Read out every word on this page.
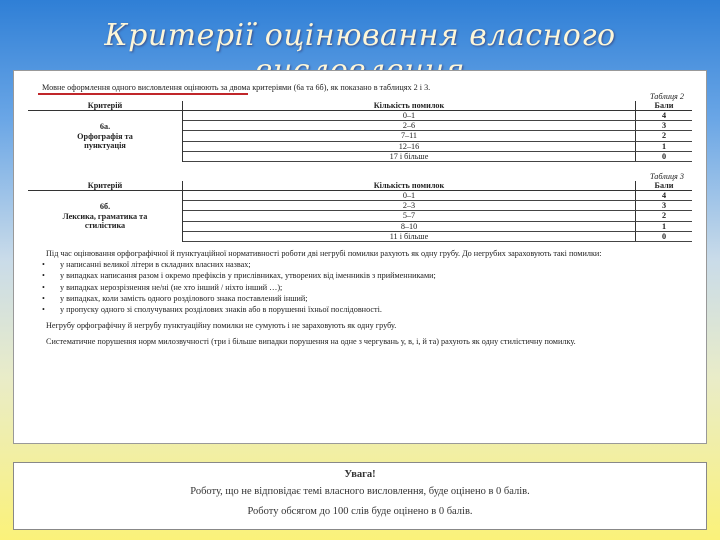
Критерії оцінювання власного
Мовне оформлення одного висловлення оцінюють за двома критеріями (6а та 6б), як показано в таблицях 2 і 3.
Таблиця 2
Критерій	Кількість помилок	Бали

6а.
Орфографія та
пунктуація	0–1	4
	2–6	3
	7–11	2
	12–16	1
	17 і більше	0
Таблиця 3
Критерій	Кількість помилок	Бали

6б.
Лексика, граматика та
стилістика	0–1	4
	2–3	3
	5–7	2
	8–10	1
	11 і більше	0

Під час оцінювання орфографічної й пунктуаційної нормативності роботи дві негрубі помилки рахують як одну грубу. До негрубих зараховують такі помилки:

• у написанні великої літери в складних власних назвах;
• у випадках написання разом і окремо префіксів у прислівниках, утворених від іменників з прийменниками;
• у випадках нерозрізнення не/ні (не хто інший / ніхто інший …);
• у випадках, коли замість одного розділового знака поставлений інший;
• у пропуску одного зі сполучуваних розділових знаків або в порушенні їхньої послідовності.

Негрубу орфографічну й негрубу пунктуаційну помилки не сумують і не зараховують як одну грубу.

Систематичне порушення норм милозвучності (три і більше випадки порушення на одне з чергувань у, в, і, й та) рахують як одну стилістичну помилку.

Увага!
Роботу, що не відповідає темі власного висловлення, буде оцінено в 0 балів.
Роботу обсягом до 100 слів буде оцінено в 0 балів.
